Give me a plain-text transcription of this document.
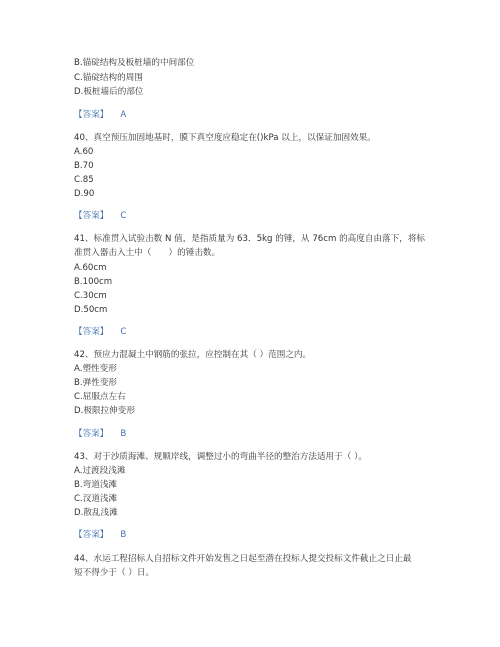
B.锚碇结构及板桩墙的中间部位
C.锚碇结构的周围
D.板桩墙后的部位
【答案】 A
40、真空预压加固地基时，膜下真空度应稳定在()kPa 以上，以保证加固效果。
A.60
B.70
C.85
D.90
【答案】 C
41、标准贯入试验击数 N 值，是指质量为 63．5kg 的锤，从 76cm 的高度自由落下，将标
准贯入器击入土中（　　）的锤击数。
A.60cm
B.100cm
C.30cm
D.50cm
【答案】 C
42、预应力混凝土中钢筋的张拉，应控制在其（ ）范围之内。
A.塑性变形
B.弹性变形
C.屈服点左右
D.极限拉伸变形
【答案】 B
43、对于沙质海滩、规顺岸线，调整过小的弯曲半径的整治方法适用于（ ）。
A.过渡段浅滩
B.弯道浅滩
C.汊道浅滩
D.散乱浅滩
【答案】 B
44、水运工程招标人自招标文件开始发售之日起至潜在投标人提交投标文件截止之日止最
短不得少于（ ）日。
